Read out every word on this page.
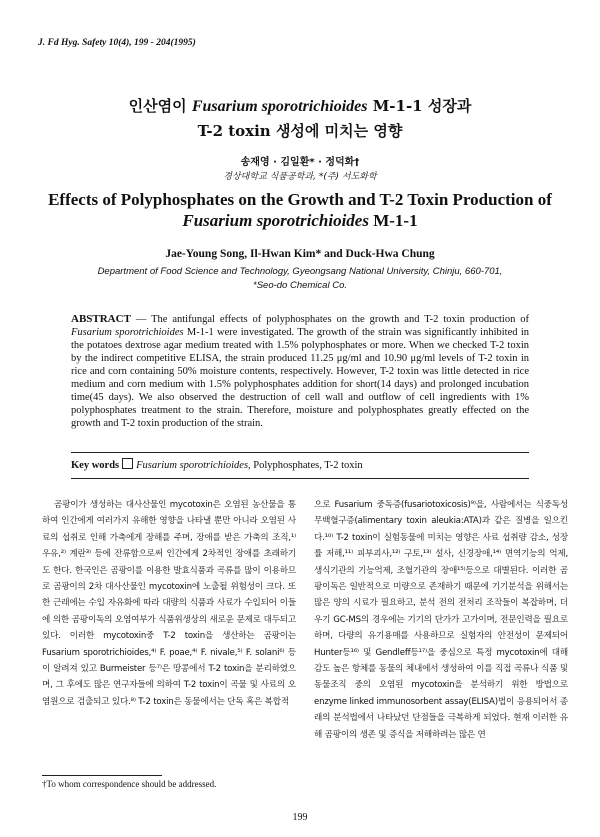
J. Fd Hyg. Safety 10(4), 199 - 204(1995)
인산염이 Fusarium sporotrichioides M-1-1 성장과
T-2 toxin 생성에 미치는 영향
송재영 · 김일환* · 정덕화†
경상대학교 식품공학과, *(주) 서도화학
Effects of Polyphosphates on the Growth and T-2 Toxin Production of
Fusarium sporotrichioides M-1-1
Jae-Young Song, Il-Hwan Kim* and Duck-Hwa Chung
Department of Food Science and Technology, Gyeongsang National University, Chinju, 660-701,
*Seo-do Chemical Co.
ABSTRACT — The antifungal effects of polyphosphates on the growth and T-2 toxin production of Fusarium sporotrichioides M-1-1 were investigated. The growth of the strain was significantly inhibited in the potatoes dextrose agar medium treated with 1.5% polyphosphates or more. When we checked T-2 toxin by the indirect competitive ELISA, the strain produced 11.25 μg/ml and 10.90 μg/ml levels of T-2 toxin in rice and corn containing 50% moisture contents, respectively. However, T-2 toxin was little detected in rice medium and corn medium with 1.5% polyphosphates addition for short(14 days) and prolonged incubation time(45 days). We also observed the destruction of cell wall and outflow of cell ingredients with 1% polyphosphates treatment to the strain. Therefore, moisture and polyphosphates greatly effected on the growth and T-2 toxin production of the strain.
Key words Fusarium sporotrichioides, Polyphosphates, T-2 toxin
곰팡이가 생성하는 대사산물인 mycotoxin은 오염된 농산물을 통하여 인간에게 여러가지 유해한 영향을 나타낼 뿐만 아니라 오염된 사료의 섭취로 인해 가축에게 장해를 주며, 장애를 받은 가축의 조직,¹⁾ 우유,²⁾ 계란³⁾ 등에 잔류함으로써 인간에게 2차적인 장애를 초래하기도 한다. 한국인은 곰팡이를 이용한 발효식품과 곡류를 많이 이용하므로 곰팡이의 2차 대사산물인 mycotoxin에 노출될 위험성이 크다. 또한 근래에는 수입 자유화에 따라 대량의 식품과 사료가 수입되어 이들에 의한 곰팡이독의 오염여부가 식품위생상의 새로운 문제로 대두되고 있다. 이러한 mycotoxin중 T-2 toxin을 생산하는 곰팡이는 Fusarium sporotrichioides,⁴⁾ F. poae,⁴⁾ F. nivale,⁵⁾ F. solani⁶⁾ 등이 알려져 있고 Burmeister 등⁷⁾은 땅콩에서 T-2 toxin을 분리하였으며, 그 후에도 많은 연구자들에 의하여 T-2 toxin이 곡물 및 사료의 오염원으로 검출되고 있다.⁸⁾ T-2 toxin은 동물에서는 단독 혹은 복합적
으로 Fusarium 중독증(fusariotoxicosis)⁹⁾을, 사람에서는 식중독성 무백혈구증(alimentary toxin aleukia:ATA)과 같은 질병을 일으킨다.¹⁰⁾ T-2 toxin이 실험동물에 미치는 영향은 사료 섭취량 감소, 성장률 저해,¹¹⁾ 피부괴사,¹²⁾ 구토,¹³⁾ 설사, 신경장애,¹⁴⁾ 면역기능의 억제, 생식기관의 기능억제, 조혈기관의 장애¹⁵⁾등으로 대별된다. 이러한 곰팡이독은 일반적으로 미량으로 존재하기 때문에 기기분석을 위해서는 많은 양의 시료가 필요하고, 분석 전의 전처리 조작들이 복잡하며, 더우기 GC-MS의 경우에는 기기의 단가가 고가이며, 전문인력을 필요로 하며, 다량의 유기용매를 사용하므로 실험자의 안전성이 문제되어 Hunter등¹⁶⁾ 및 Gendleff등¹⁷⁾을 중심으로 특정 mycotoxin에 대해 감도 높은 항체를 동물의 체내에서 생성하여 이를 직접 곡류나 식품 및 동물조직 중의 오염된 mycotoxin을 분석하기 위한 방법으로 enzyme linked immunosorbent assay(ELISA)법이 응용되어서 종래의 분석법에서 나타났던 단점들을 극복하게 되었다. 현재 이러한 유해 곰팡이의 생존 및 증식을 저해하려는 많은 연
†To whom correspondence should be addressed.
199
